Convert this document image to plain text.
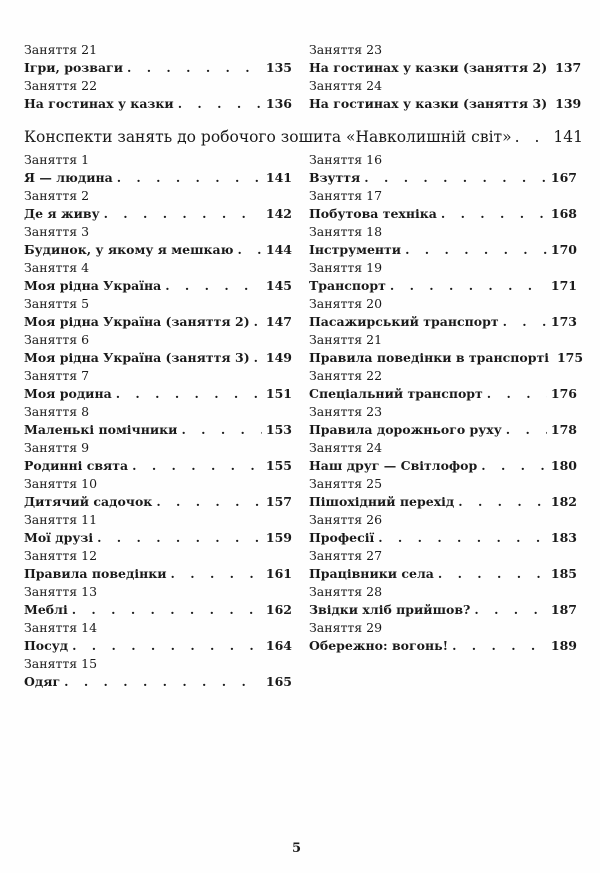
Заняття 21
Ігри, розваги . . .	135
Заняття 22
На гостинах у казки . . .	136
Заняття 23
На гостинах у казки (заняття 2) 137
Заняття 24
На гостинах у казки (заняття 3) 139
Конспекти занять до робочого зошита «Навколишній світ» . . .	141
Заняття 1
Я — людина . . .	141
Заняття 2
Де я живу . . .	142
Заняття 3
Будинок, у якому я мешкаю . . .	144
Заняття 4
Моя рідна Україна . . .	145
Заняття 5
Моя рідна Україна (заняття 2) . . . 147
Заняття 6
Моя рідна Україна (заняття 3) . . . 149
Заняття 7
Моя родина . . .	151
Заняття 8
Маленькі помічники . . .	153
Заняття 9
Родинні свята . . .	155
Заняття 10
Дитячий садочок . . .	157
Заняття 11
Мої друзі . . .	159
Заняття 12
Правила поведінки . . .	161
Заняття 13
Меблі . . .	162
Заняття 14
Посуд . . .	164
Заняття 15
Одяг . . .	165
Заняття 16
Взуття . . .	167
Заняття 17
Побутова техніка . . .	168
Заняття 18
Інструменти . . .	170
Заняття 19
Транспорт . . .	171
Заняття 20
Пасажирський транспорт . . .	173
Заняття 21
Правила поведінки в транспорті 175
Заняття 22
Спеціальний транспорт . . .	176
Заняття 23
Правила дорожнього руху . . .	178
Заняття 24
Наш друг — Світлофор . . .	180
Заняття 25
Пішохідний перехід . . .	182
Заняття 26
Професії . . .	183
Заняття 27
Працівники села . . .	185
Заняття 28
Звідки хліб прийшов? . . .	187
Заняття 29
Обережно: вогонь! . . .	189
5
